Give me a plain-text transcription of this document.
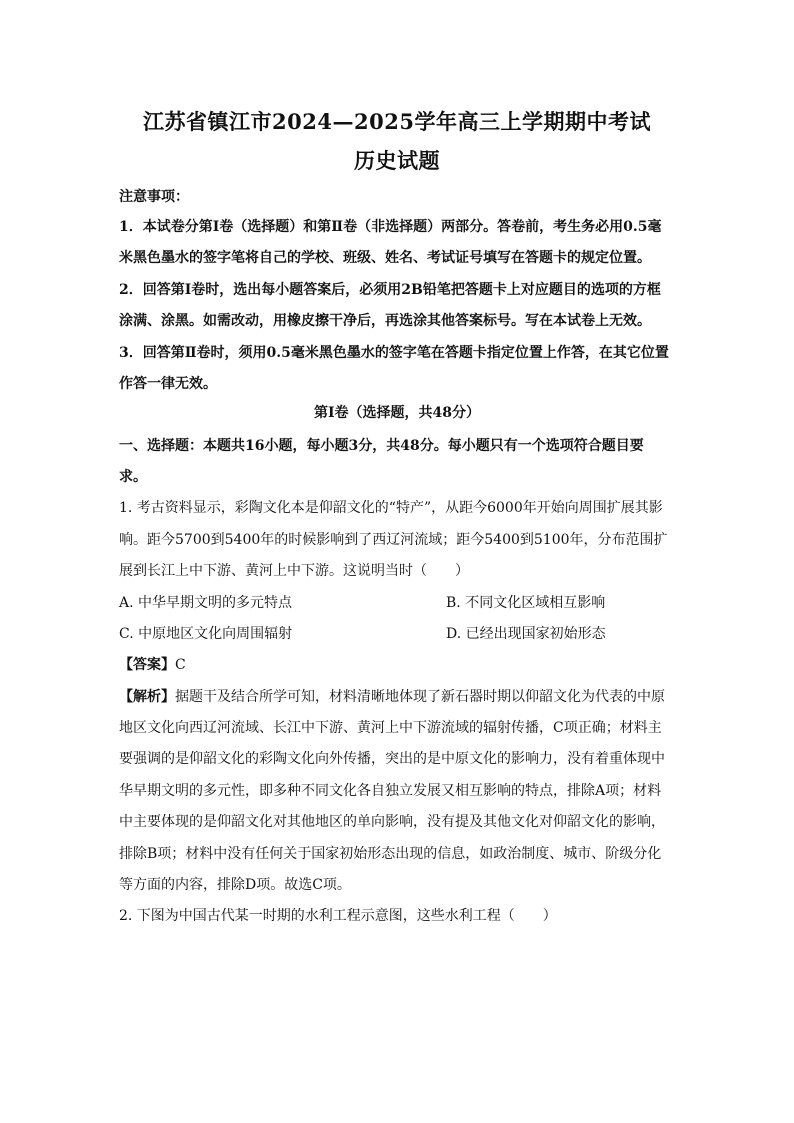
江苏省镇江市2024—2025学年高三上学期期中考试
历史试题
注意事项：
1．本试卷分第Ⅰ卷（选择题）和第Ⅱ卷（非选择题）两部分。答卷前，考生务必用0.5毫
米黑色墨水的签字笔将自己的学校、班级、姓名、考试证号填写在答题卡的规定位置。
2．回答第Ⅰ卷时，选出每小题答案后，必须用2B铅笔把答题卡上对应题目的选项的方框
涂满、涂黑。如需改动，用橡皮擦干净后，再选涂其他答案标号。写在本试卷上无效。
3．回答第Ⅱ卷时，须用0.5毫米黑色墨水的签字笔在答题卡指定位置上作答，在其它位置
作答一律无效。
第Ⅰ卷（选择题，共48分）
一、选择题：本题共16小题，每小题3分，共48分。每小题只有一个选项符合题目要
求。
1. 考古资料显示，彩陶文化本是仰韶文化的“特产”，从距今6000年开始向周围扩展其影
响。距今5700到5400年的时候影响到了西辽河流域；距今5400到5100年，分布范围扩
展到长江上中下游、黄河上中下游。这说明当时（　　）
A. 中华早期文明的多元特点	B. 不同文化区域相互影响
C. 中原地区文化向周围辐射	D. 已经出现国家初始形态
【答案】C
【解析】据题干及结合所学可知，材料清晰地体现了新石器时期以仰韶文化为代表的中原
地区文化向西辽河流域、长江中下游、黄河上中下游流域的辐射传播，C项正确；材料主
要强调的是仰韶文化的彩陶文化向外传播，突出的是中原文化的影响力，没有着重体现中
华早期文明的多元性，即多种不同文化各自独立发展又相互影响的特点，排除A项；材料
中主要体现的是仰韶文化对其他地区的单向影响，没有提及其他文化对仰韶文化的影响，
排除B项；材料中没有任何关于国家初始形态出现的信息，如政治制度、城市、阶级分化
等方面的内容，排除D项。故选C项。
2. 下图为中国古代某一时期的水利工程示意图，这些水利工程（　　）
